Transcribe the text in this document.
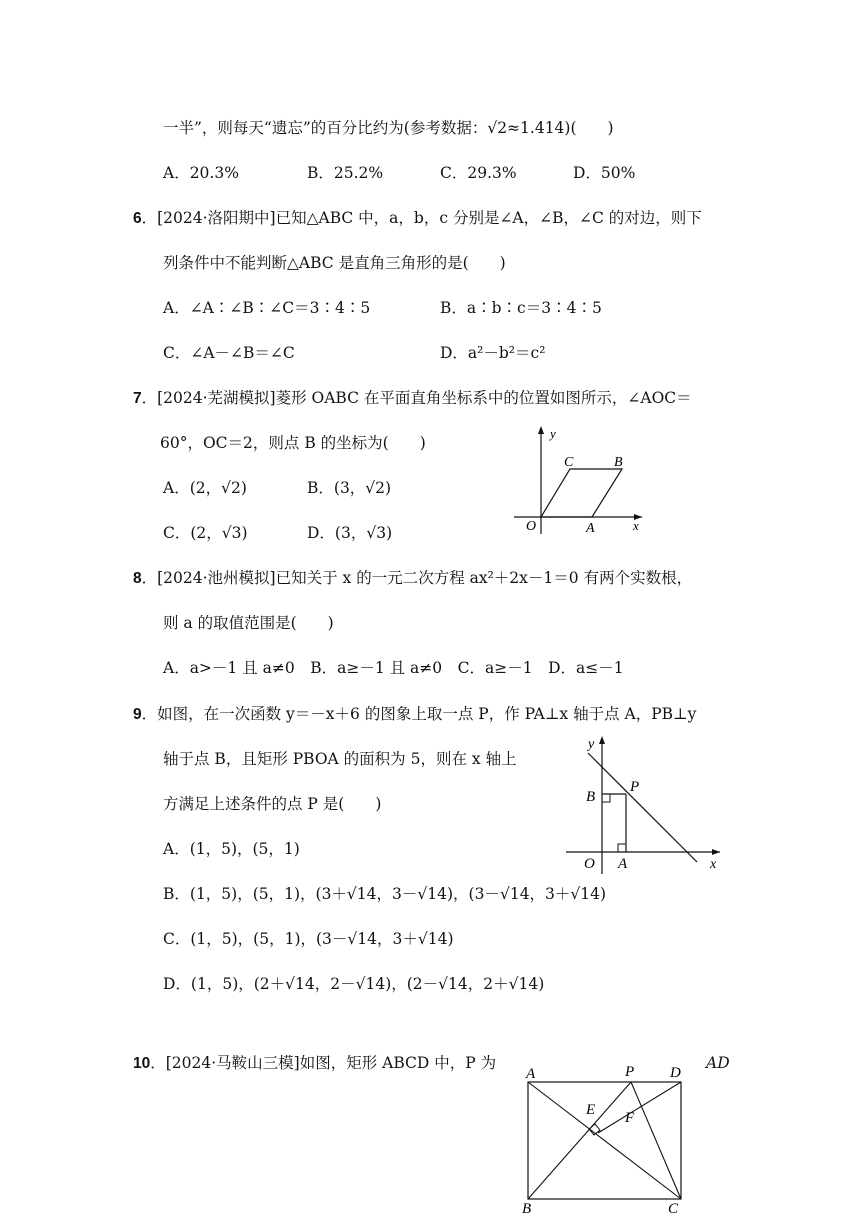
一半”，则每天“遗忘”的百分比约为(参考数据：√2≈1.414)(　　)
A．20.3%	B．25.2%	C．29.3%	D．50%
6．[2024·洛阳期中]已知△ABC 中，a，b，c 分别是∠A，∠B，∠C 的对边，则下
列条件中不能判断△ABC 是直角三角形的是(　　)
A．∠A∶∠B∶∠C＝3∶4∶5	B．a∶b∶c＝3∶4∶5
C．∠A－∠B＝∠C	D．a²－b²＝c²
7．[2024·芜湖模拟]菱形 OABC 在平面直角坐标系中的位置如图所示，∠AOC＝
60°，OC＝2，则点 B 的坐标为(　　)
A．(2，√2)	B．(3，√2)
C．(2，√3)	D．(3，√3)
y
x
O	A
B
C
8．[2024·池州模拟]已知关于 x 的一元二次方程 ax²＋2x－1＝0 有两个实数根，
则 a 的取值范围是(　　)
A．a>－1 且 a≠0　B．a≥－1 且 a≠0　C．a≥－1　D．a≤－1
9．如图，在一次函数 y＝－x＋6 的图象上取一点 P，作 PA⊥x 轴于点 A，PB⊥y
轴于点 B，且矩形 PBOA 的面积为 5，则在 x 轴上
方满足上述条件的点 P 是(　　)
A．(1，5)，(5，1)
B．(1，5)，(5，1)，(3＋√14，3－√14)，(3－√14，3＋√14)
C．(1，5)，(5，1)，(3－√14，3＋√14)
D．(1，5)，(2＋√14，2－√14)，(2－√14，2＋√14)
y
x
O A
B
P
10．[2024·马鞍山三模]如图，矩形 ABCD 中，P 为	AD
A	P D
E F
B	C
